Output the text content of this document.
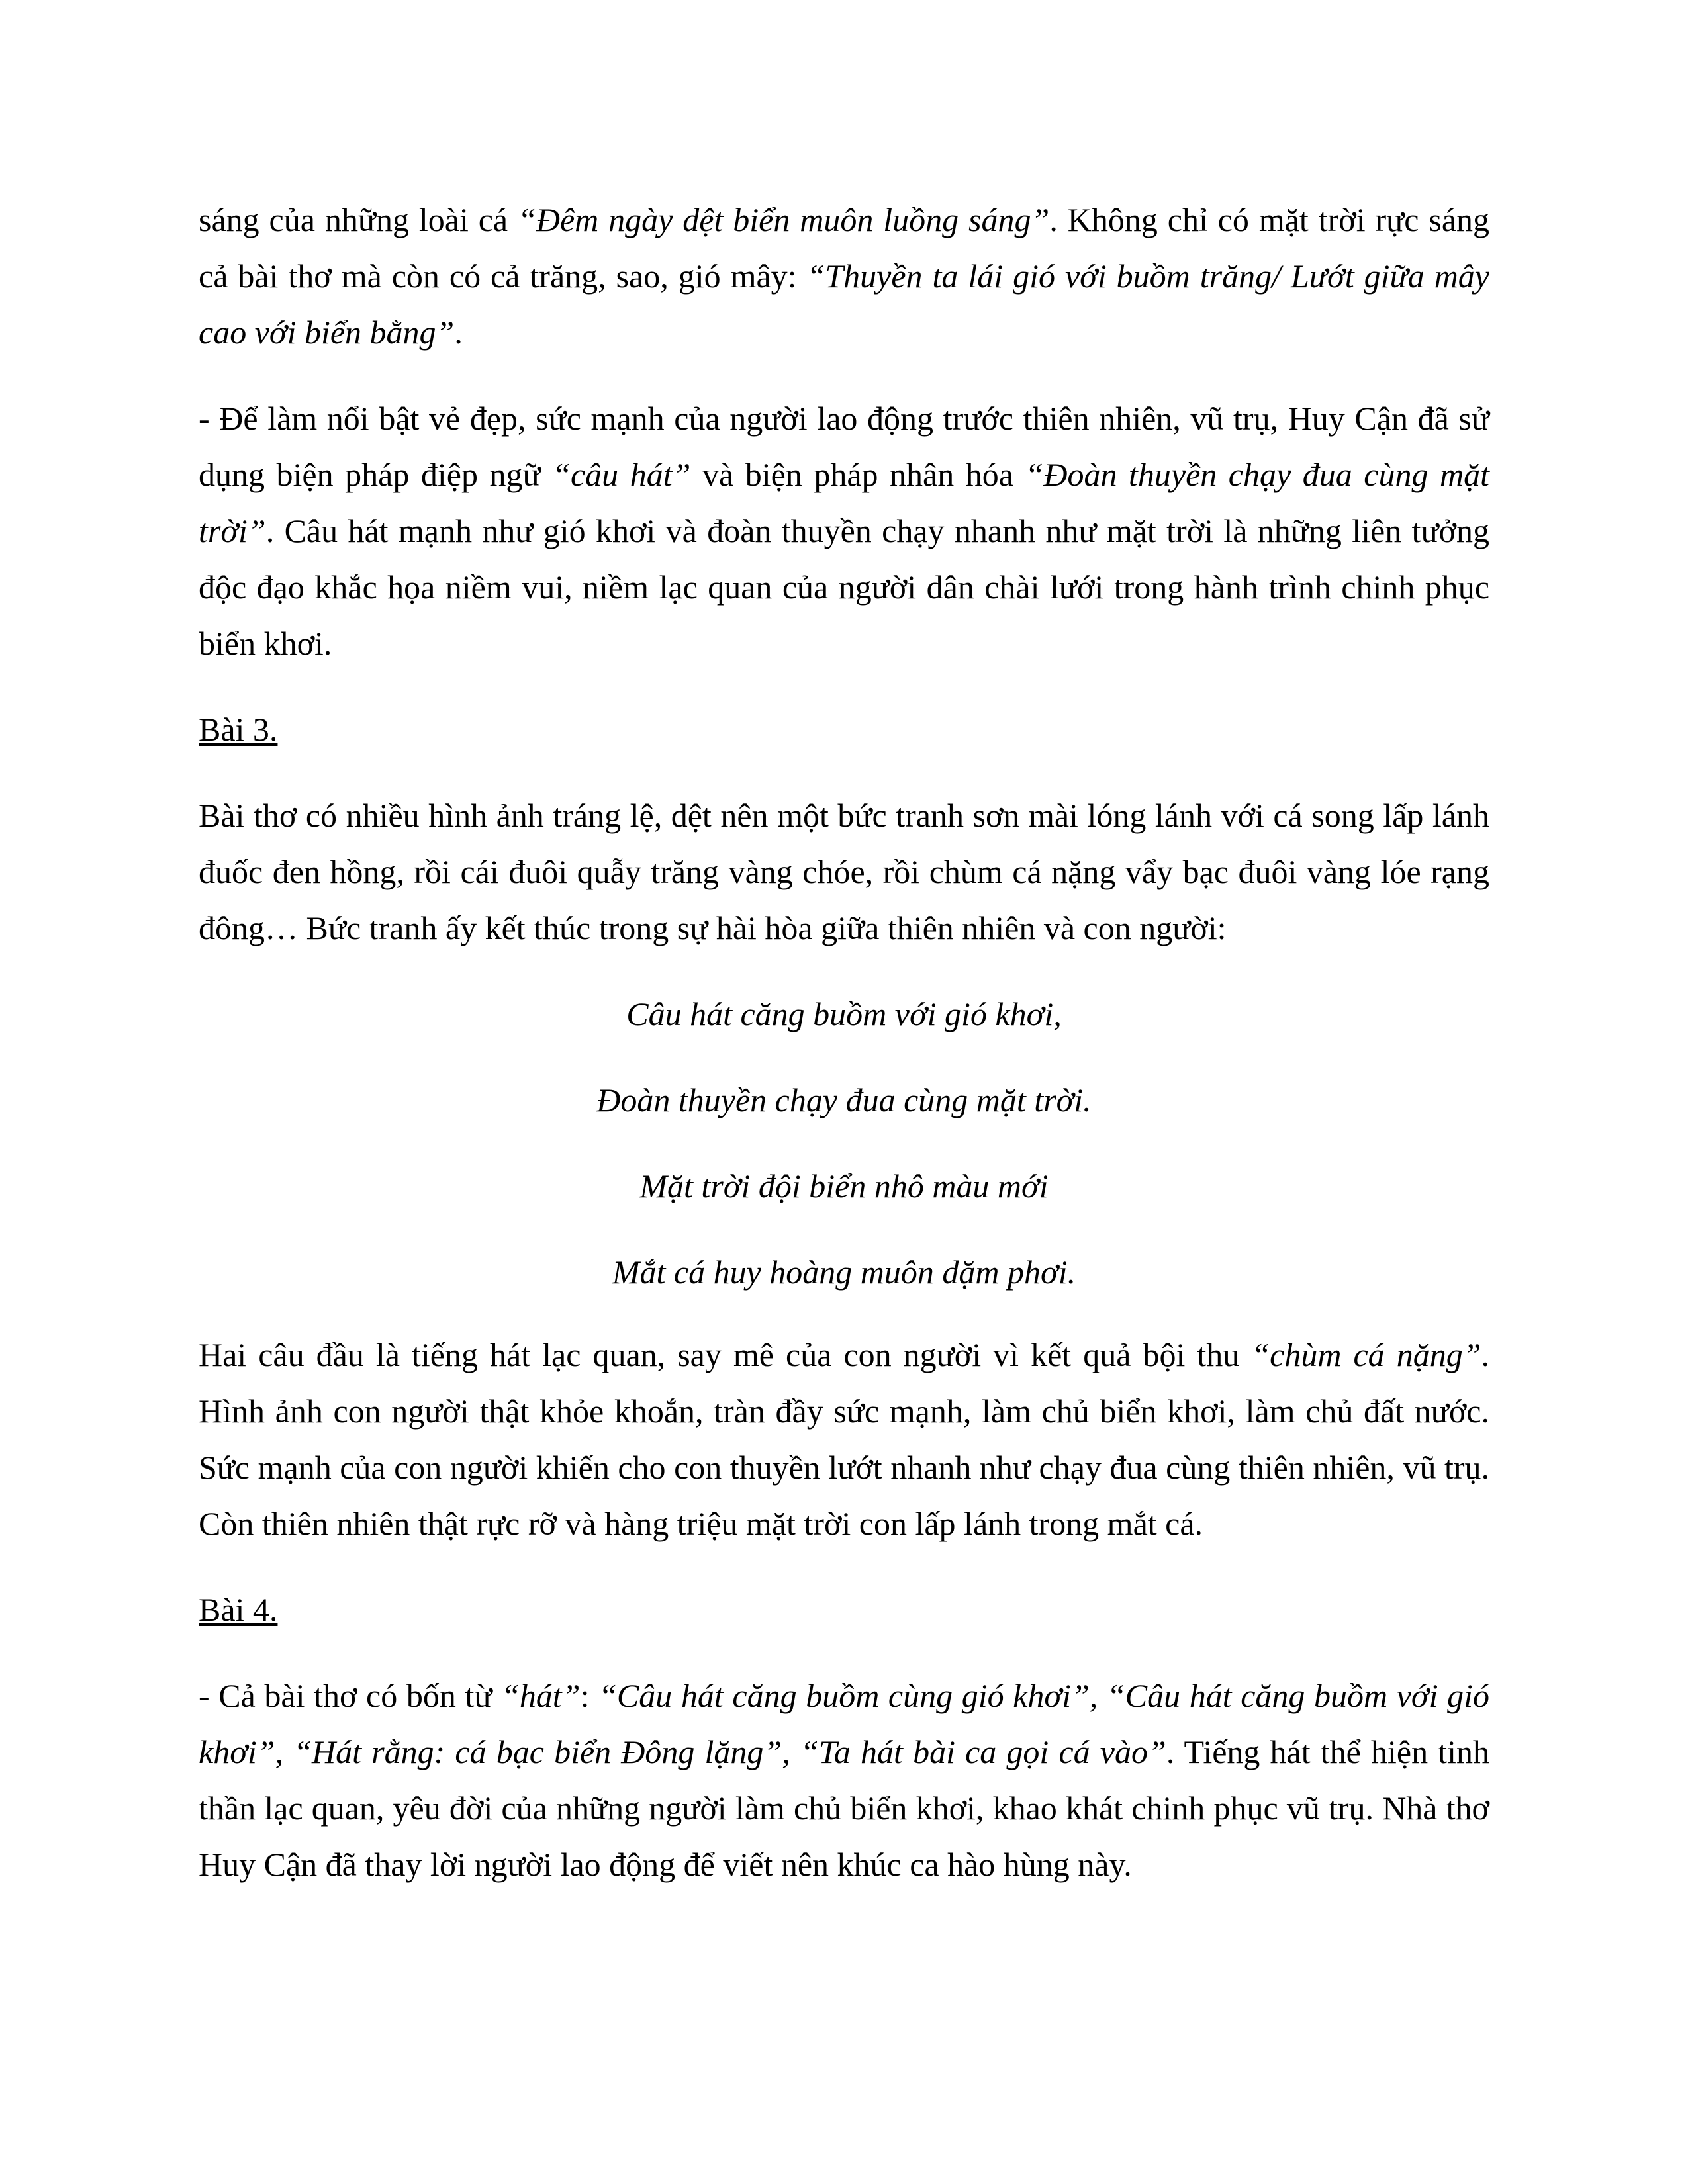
sáng của những loài cá “Đêm ngày dệt biển muôn luồng sáng”. Không chỉ có mặt trời rực sáng cả bài thơ mà còn có cả trăng, sao, gió mây: “Thuyền ta lái gió với buồm trăng/ Lướt giữa mây cao với biển bằng”.

- Để làm nổi bật vẻ đẹp, sức mạnh của người lao động trước thiên nhiên, vũ trụ, Huy Cận đã sử dụng biện pháp điệp ngữ “câu hát” và biện pháp nhân hóa “Đoàn thuyền chạy đua cùng mặt trời”. Câu hát mạnh như gió khơi và đoàn thuyền chạy nhanh như mặt trời là những liên tưởng độc đạo khắc họa niềm vui, niềm lạc quan của người dân chài lưới trong hành trình chinh phục biển khơi.

Bài 3.

Bài thơ có nhiều hình ảnh tráng lệ, dệt nên một bức tranh sơn mài lóng lánh với cá song lấp lánh đuốc đen hồng, rồi cái đuôi quẫy trăng vàng chóe, rồi chùm cá nặng vẩy bạc đuôi vàng lóe rạng đông… Bức tranh ấy kết thúc trong sự hài hòa giữa thiên nhiên và con người:

Câu hát căng buồm với gió khơi,

Đoàn thuyền chạy đua cùng mặt trời.

Mặt trời đội biển nhô màu mới

Mắt cá huy hoàng muôn dặm phơi.

Hai câu đầu là tiếng hát lạc quan, say mê của con người vì kết quả bội thu “chùm cá nặng”. Hình ảnh con người thật khỏe khoắn, tràn đầy sức mạnh, làm chủ biển khơi, làm chủ đất nước. Sức mạnh của con người khiến cho con thuyền lướt nhanh như chạy đua cùng thiên nhiên, vũ trụ. Còn thiên nhiên thật rực rỡ và hàng triệu mặt trời con lấp lánh trong mắt cá.

Bài 4.

- Cả bài thơ có bốn từ “hát”: “Câu hát căng buồm cùng gió khơi”, “Câu hát căng buồm với gió khơi”, “Hát rằng: cá bạc biển Đông lặng”, “Ta hát bài ca gọi cá vào”. Tiếng hát thể hiện tinh thần lạc quan, yêu đời của những người làm chủ biển khơi, khao khát chinh phục vũ trụ. Nhà thơ Huy Cận đã thay lời người lao động để viết nên khúc ca hào hùng này.
